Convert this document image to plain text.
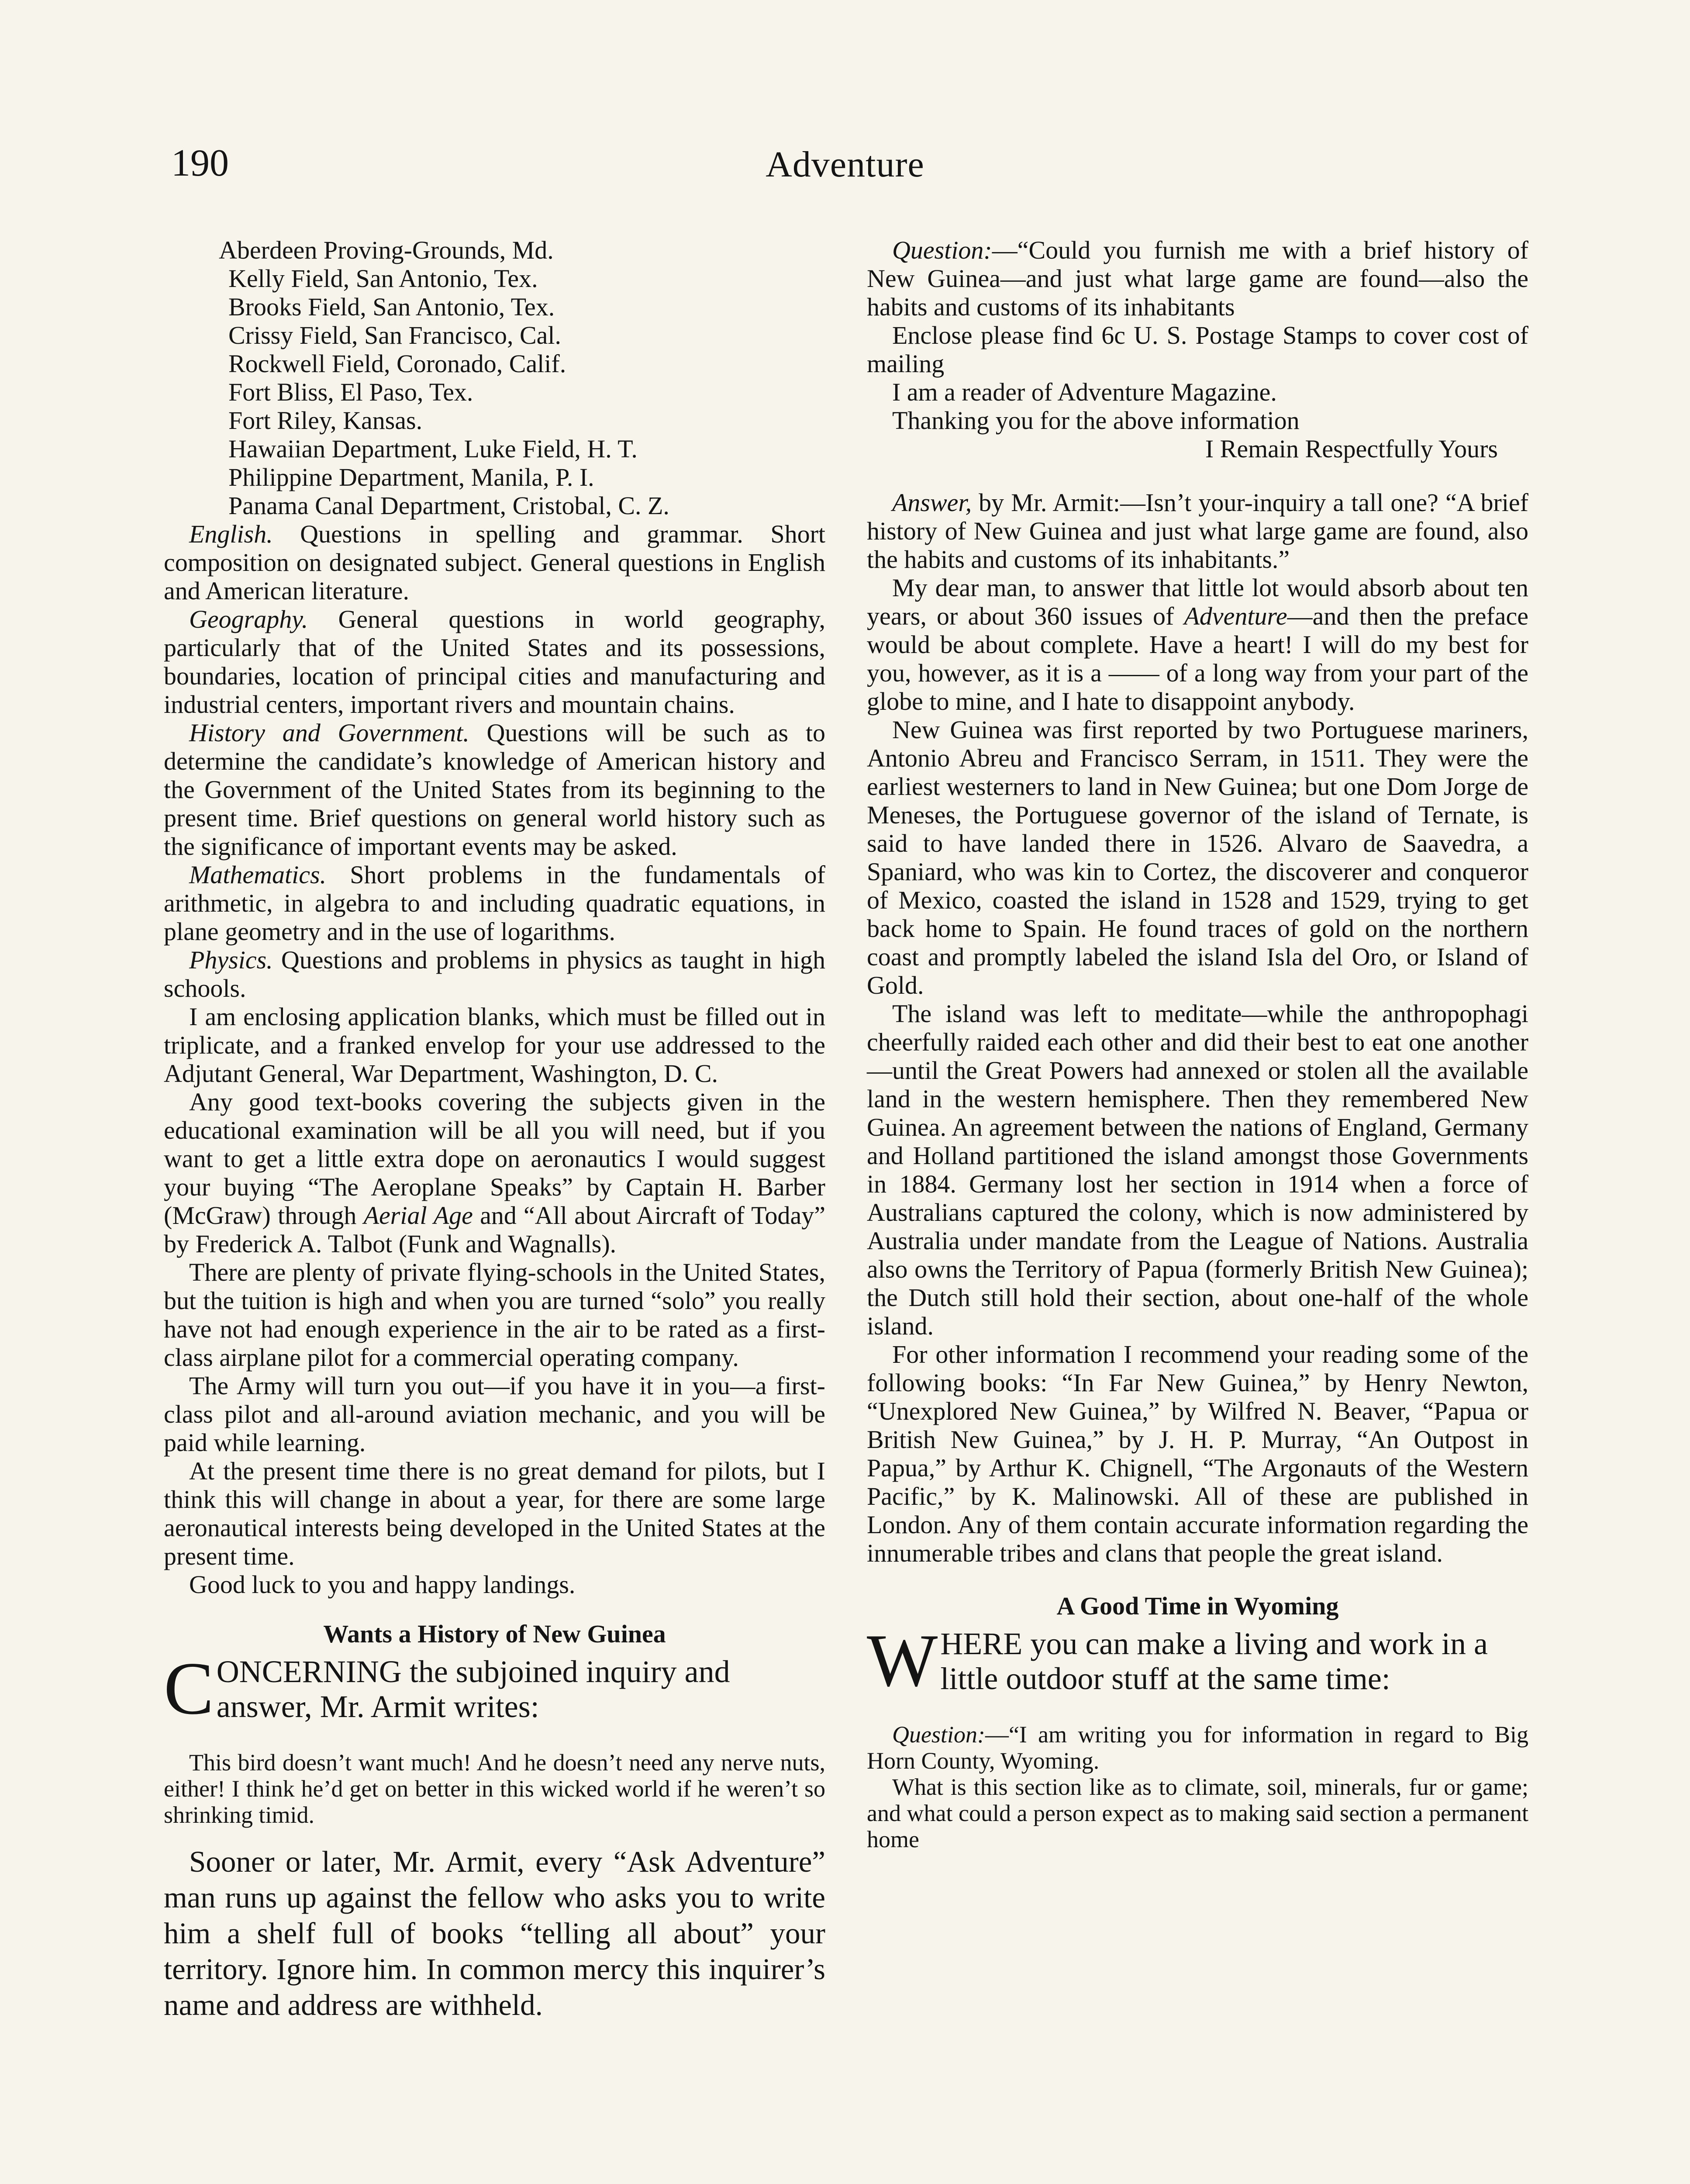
190	Adventure

Aberdeen Proving-Grounds, Md.

Kelly Field, San Antonio, Tex.

Brooks Field, San Antonio, Tex.

Crissy Field, San Francisco, Cal.

Rockwell Field, Coronado, Calif.

Fort Bliss, El Paso, Tex.

Fort Riley, Kansas.

Hawaiian Department, Luke Field, H. T.

Philippine Department, Manila, P. I.

Panama Canal Department, Cristobal, C. Z.

English. Questions in spelling and grammar. Short composition on designated subject. General questions in English and American literature.

Geography. General questions in world geography, particularly that of the United States and its possessions, boundaries, location of principal cities and manufacturing and industrial centers, important rivers and mountain chains.

History and Government. Questions will be such as to determine the candidate’s knowledge of American history and the Government of the United States from its beginning to the present time. Brief questions on general world history such as the significance of important events may be asked.

Mathematics. Short problems in the fundamentals of arithmetic, in algebra to and including quadratic equations, in plane geometry and in the use of logarithms.

Physics. Questions and problems in physics as taught in high schools.

I am enclosing application blanks, which must be filled out in triplicate, and a franked envelop for your use addressed to the Adjutant General, War Department, Washington, D. C.

Any good text-books covering the subjects given in the educational examination will be all you will need, but if you want to get a little extra dope on aeronautics I would suggest your buying “The Aeroplane Speaks” by Captain H. Barber (McGraw) through Aerial Age and “All about Aircraft of Today” by Frederick A. Talbot (Funk and Wagnalls).

There are plenty of private flying-schools in the United States, but the tuition is high and when you are turned “solo” you really have not had enough experience in the air to be rated as a first-class airplane pilot for a commercial operating company.

The Army will turn you out—if you have it in you—a first-class pilot and all-around aviation mechanic, and you will be paid while learning.

At the present time there is no great demand for pilots, but I think this will change in about a year, for there are some large aeronautical interests being developed in the United States at the present time.

Good luck to you and happy landings.

Wants a History of New Guinea

CONCERNING the subjoined inquiry and answer, Mr. Armit writes:

This bird doesn’t want much! And he doesn’t need any nerve nuts, either! I think he’d get on better in this wicked world if he weren’t so shrinking timid.

Sooner or later, Mr. Armit, every “Ask Adventure” man runs up against the fellow who asks you to write him a shelf full of books “telling all about” your territory. Ignore him. In common mercy this inquirer’s name and address are withheld.

Question:—“Could you furnish me with a brief history of New Guinea—and just what large game are found—also the habits and customs of its inhabitants

Enclose please find 6c U. S. Postage Stamps to cover cost of mailing

I am a reader of Adventure Magazine.

Thanking you for the above information

I Remain Respectfully Yours

Answer, by Mr. Armit:—Isn’t your-inquiry a tall one? “A brief history of New Guinea and just what large game are found, also the habits and customs of its inhabitants.”

My dear man, to answer that little lot would absorb about ten years, or about 360 issues of Adventure—and then the preface would be about complete. Have a heart! I will do my best for you, however, as it is a —— of a long way from your part of the globe to mine, and I hate to disappoint anybody.

New Guinea was first reported by two Portuguese mariners, Antonio Abreu and Francisco Serram, in 1511. They were the earliest westerners to land in New Guinea; but one Dom Jorge de Meneses, the Portuguese governor of the island of Ternate, is said to have landed there in 1526. Alvaro de Saavedra, a Spaniard, who was kin to Cortez, the discoverer and conqueror of Mexico, coasted the island in 1528 and 1529, trying to get back home to Spain. He found traces of gold on the northern coast and promptly labeled the island Isla del Oro, or Island of Gold.

The island was left to meditate—while the anthropophagi cheerfully raided each other and did their best to eat one another—until the Great Powers had annexed or stolen all the available land in the western hemisphere. Then they remembered New Guinea. An agreement between the nations of England, Germany and Holland partitioned the island amongst those Governments in 1884. Germany lost her section in 1914 when a force of Australians captured the colony, which is now administered by Australia under mandate from the League of Nations. Australia also owns the Territory of Papua (formerly British New Guinea); the Dutch still hold their section, about one-half of the whole island.

For other information I recommend your reading some of the following books: “In Far New Guinea,” by Henry Newton, “Unexplored New Guinea,” by Wilfred N. Beaver, “Papua or British New Guinea,” by J. H. P. Murray, “An Outpost in Papua,” by Arthur K. Chignell, “The Argonauts of the Western Pacific,” by K. Malinowski. All of these are published in London. Any of them contain accurate information regarding the innumerable tribes and clans that people the great island.

A Good Time in Wyoming

WHERE you can make a living and work in a little outdoor stuff at the same time:

Question:—“I am writing you for information in regard to Big Horn County, Wyoming.

What is this section like as to climate, soil, minerals, fur or game; and what could a person expect as to making said section a permanent home
